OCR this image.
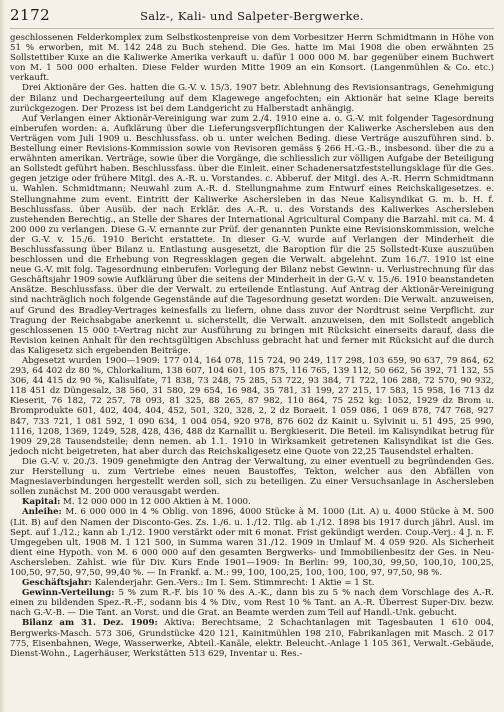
2172	Salz-, Kali- und Salpeter-Bergwerke.

geschlossenen Felderkomplex zum Selbstkostenpreise von dem Vorbesitzer Herrn Schmidtmann in Höhe von 51 % erworben, mit M. 142 248 zu Buch stehend. Die Ges. hatte im Mai 1908 die oben erwähnten 25 Sollstettiber Kuxe an die Kaliwerke Amerika verkauft u. dafür 1 000 000 M. bar gegenüber einem Buchwert von M. 1 500 000 erhalten. Diese Felder wurden Mitte 1909 an ein Konsort. (Langenmühlen & Co. etc.) verkauft.

Drei Aktionäre der Ges. hatten die G.-V. v. 15/3. 1907 betr. Ablehnung des Revisionsantrags, Genehmigung der Bilanz und Dechargeerteilung auf dem Klagewege angefochten; ein Aktionär hat seine Klage bereits zurückgezogen. Der Prozess ist bei dem Landgericht zu Halberstadt anhängig.

Auf Verlangen einer Aktionär-Vereinigung war zum 2./4. 1910 eine a. o. G.-V. mit folgender Tagesordnung einberufen worden: a. Aufklärung über die Lieferungsverpflichtungen der Kaliwerke Aschersleben aus den Verträgen vom Juli 1909 u. Beschlussfass. ob u. unter welchen Beding. diese Verträge auszuführen sind. b. Bestellung einer Revisions-Kommission sowie von Revisoren gemäss § 266 H.-G.-B., insbesond. über die zu a erwähnten amerikan. Verträge, sowie über die Vorgänge, die schliesslich zur völligen Aufgabe der Beteiligung an Sollstedt geführt haben. Beschlussfass. über die Einleit. einer Schadenersatzfeststellungsklage für die Ges. gegen jetzige oder frühere Mitgl. des A.-R. u. Vorstandes. c. Abberuf. der Mitgl. des A.-R. Herrn Schmidtmann u. Wahlen. Schmidtmann; Neuwahl zum A.-R. d. Stellungnahme zum Entwurf eines Reichskaligesetzes. e. Stellungnahme zum event. Eintritt der Kaliwerke Aschersleben in das Neue Kalisyndikat G. m. b. H. f. Beschlussfass. über Ausüb. der nach Erklär. des A.-R. u. des Vorstands des Kaliwerkes Aschersleben zustehenden Berechtig., an Stelle der Shares der International Agricultural Company die Barzahl. mit ca. M. 4 200 000 zu verlangen. Diese G.-V. ernannte zur Prüf. der genannten Punkte eine Revisionskommission, welche der G.-V. v. 15./6. 1910 Bericht erstattete. In dieser G.-V. wurde auf Verlangen der Minderheit die Beschlussfassung über Bilanz u. Entlastung ausgesetzt, die Baroption für die 25 Sollstedt-Kuxe auszuüben beschlossen und die Erhebung von Regressklagen gegen die Verwalt. abgelehnt. Zum 16./7. 1910 ist eine neue G.-V. mit folg. Tagesordnung einberufen: Vorlegung der Bilanz nebst Gewinn- u. Verlustrechnung für das Geschäftsjahr 1909 sowie Aufklärung über die seitens der Minderheit in der G.-V. v. 15./6. 1910 beanstandeten Ansätze. Beschlussfass. über die der Verwalt. zu erteilende Entlastung. Auf Antrag der Aktionär-Vereinigung sind nachträglich noch folgende Gegenstände auf die Tagesordnung gesetzt worden: Die Verwalt. anzuweisen, auf Grund des Bradley-Vertrages keinesfalls zu liefern, ohne dass zuvor der Nordtrust seine Verpflicht. zur Tragung der Reichsabgabe anerkennt u. sicherstellt, die Verwalt. anzuweisen, den mit Sollstedt angeblich geschlossenen 15 000 t-Vertrag nicht zur Ausführung zu bringen mit Rücksicht einerseits darauf, dass die Revision keinen Anhalt für den rechtsgültigen Abschluss gebracht hat und ferner mit Rücksicht auf die durch das Kaligesetz sich ergebenden Beiträge.

Abgesetzt wurden 1900—1909: 177 014, 164 078, 115 724, 90 249, 117 298, 103 659, 90 637, 79 864, 62 293, 64 402 dz 80 %, Chlorkalium, 138 607, 104 601, 105 875, 116 765, 139 112, 50 662, 56 392, 71 132, 55 306, 44 415 dz 90 %, Kalisulfate, 71 838, 73 248, 75 285, 53 722, 93 384, 71 722, 106 288, 72 570, 90 932, 118 451 dz Düngesalz, 38 560, 31 580, 29 654, 16 984, 35 781, 31 199, 27 215, 17 583, 15 958, 16 713 dz Kieserit, 76 182, 72 257, 78 093, 81 325, 88 265, 87 982, 110 864, 75 252 kg: 1052, 1929 dz Brom u. Bromprodukte 601, 402, 404, 404, 452, 501, 320, 328, 2, 2 dz Boraeit. 1 059 086, 1 069 878, 747 768, 927 847, 733 721, 1 081 592, 1 090 634, 1 004 054, 920 978, 876 602 dz Kainit u. Sylvinit u. 51 495, 25 990, 1116, 1208, 1369, 1249, 528, 428, 436, 488 dz Karnallit u. Bergkieserit. Die Beteil. im Kalisyndikat betrug für 1909 29,28 Tausendsteile; denn nemen. ab 1.1. 1910 in Wirksamkeit getretenen Kalisyndikat ist die Ges. jedoch nicht beigetreten, hat aber durch das Reichskaligesetz eine Quote von 22,25 Tausendstel erhalten.

Die G.-V. v. 20./3. 1909 genehmigte den Antrag der Verwaltung, zu einer eventuell zu begründenden Ges. zur Herstellung u. zum Vertriebe eines neuen Baustoffes, Tekton, welcher aus den Abfällen von Magnesiaverbindungen hergestellt werden soll, sich zu beteiligen. Zu einer Versuchsanlage in Aschersleben sollen zunächst M. 200 000 verausgabt werden.

Kapital: M. 12 000 000 in 12 000 Aktien à M. 1000.

Anleihe: M. 6 000 000 in 4 % Oblig. von 1896, 4000 Stücke à M. 1000 (Lit. A) u. 4000 Stücke à M. 500 (Lit. B) auf den Namen der Disconto-Ges. Zs. 1./6. u. 1./12. Tilg. ab 1./12. 1898 bis 1917 durch jährl. Ausl. im Sept. auf 1./12.; kann ab 1./12. 1900 verstärkt oder mit 6 monat. Frist gekündigt werden. Coup.-Verj.: 4 J. n. F. Umgegeben ult. 1908 M. 1 121 500, in Summa waren 31./12. 1909 in Umlauf M. 4 059 920. Als Sicherheit dient eine Hypoth. von M. 6 000 000 auf den gesamten Bergwerks- und Immobilienbesitz der Ges. in Neu-Aschersleben. Zahlst. wie für Div. Kurs Ende 1901—1909: In Berlin: 99, 100,30, 99,50, 100,10, 100,25, 100,50, 97,50, 97,50, 99,40 %. — In Frankf. a. M.: 99, 100, 100,25, 100, 100, 100, 97, 97,50, 98 %.

Geschäftsjahr: Kalenderjahr. Gen.-Vers.: Im I. Sem. Stimmrecht: 1 Aktie = 1 St.

Gewinn-Verteilung: 5 % zum R.-F. bis 10 % des A.-K., dann bis zu 5 % nach dem Vorschlage des A.-R. einen zu bildenden Spez.-R.-F., sodann bis 4 % Div., vom Rest 10 % Tant. an A.-R. Überrest Super-Div. bezw. nach G.-V.-B. — Die Tant. an Vorst. und die Grat. an Beamte werden zum Teil auf Handl.-Unk. gebucht.

Bilanz am 31. Dez. 1909: Aktiva: Berechtsame, 2 Schachtanlagen mit Tagesbauten 1 610 004, Bergwerks-Masch. 573 306, Grundstücke 420 121, Kainitmühlen 198 210, Fabrikanlagen mit Masch. 2 017 775, Eisenbahnen, Wege, Wasserwerke, Abteil.-Kanäle, elektr. Beleucht.-Anlage 1 105 361, Verwalt.-Gebäude, Dienst-Wohn., Lagerhäuser, Werkstätten 513 629, Inventar u. Res.-
